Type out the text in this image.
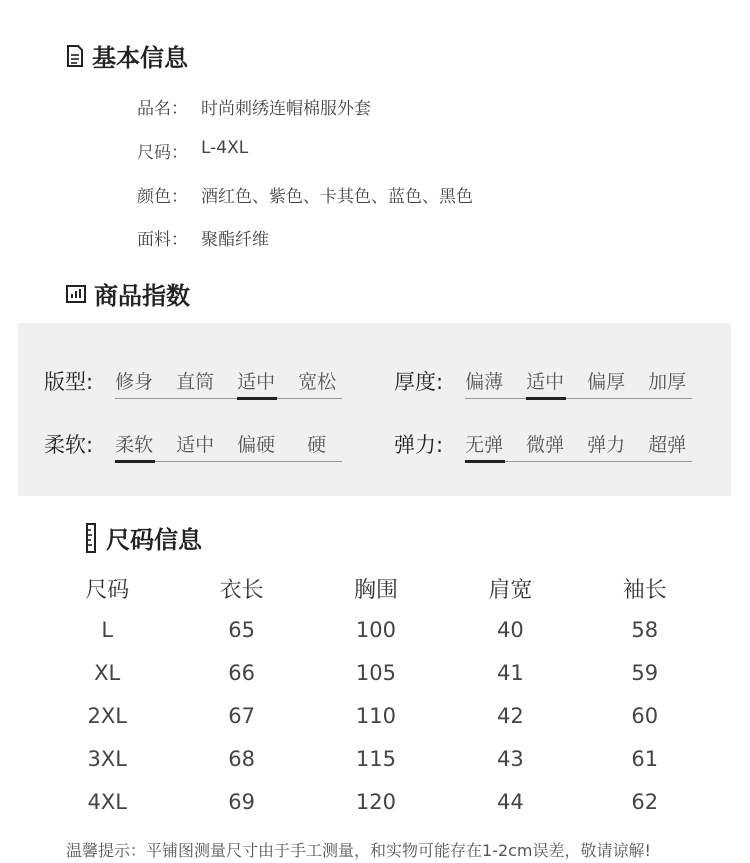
基本信息
品名： 时尚刺绣连帽棉服外套
尺码： L-4XL
颜色： 酒红色、紫色、卡其色、蓝色、黑色
面料： 聚酯纤维
商品指数
版型: 修身	直筒	适中	宽松	厚度: 偏薄	适中	偏厚	加厚
柔软: 柔软	适中	偏硬	硬	弹力: 无弹	微弹	弹力	超弹
尺码信息
尺码	衣长	胸围	肩宽	袖长
L	65	100	40	58
XL	66	105	41	59
2XL	67	110	42	60
3XL	68	115	43	61
4XL	69	120	44	62
温馨提示：平铺图测量尺寸由于手工测量，和实物可能存在1-2cm误差，敬请谅解!
